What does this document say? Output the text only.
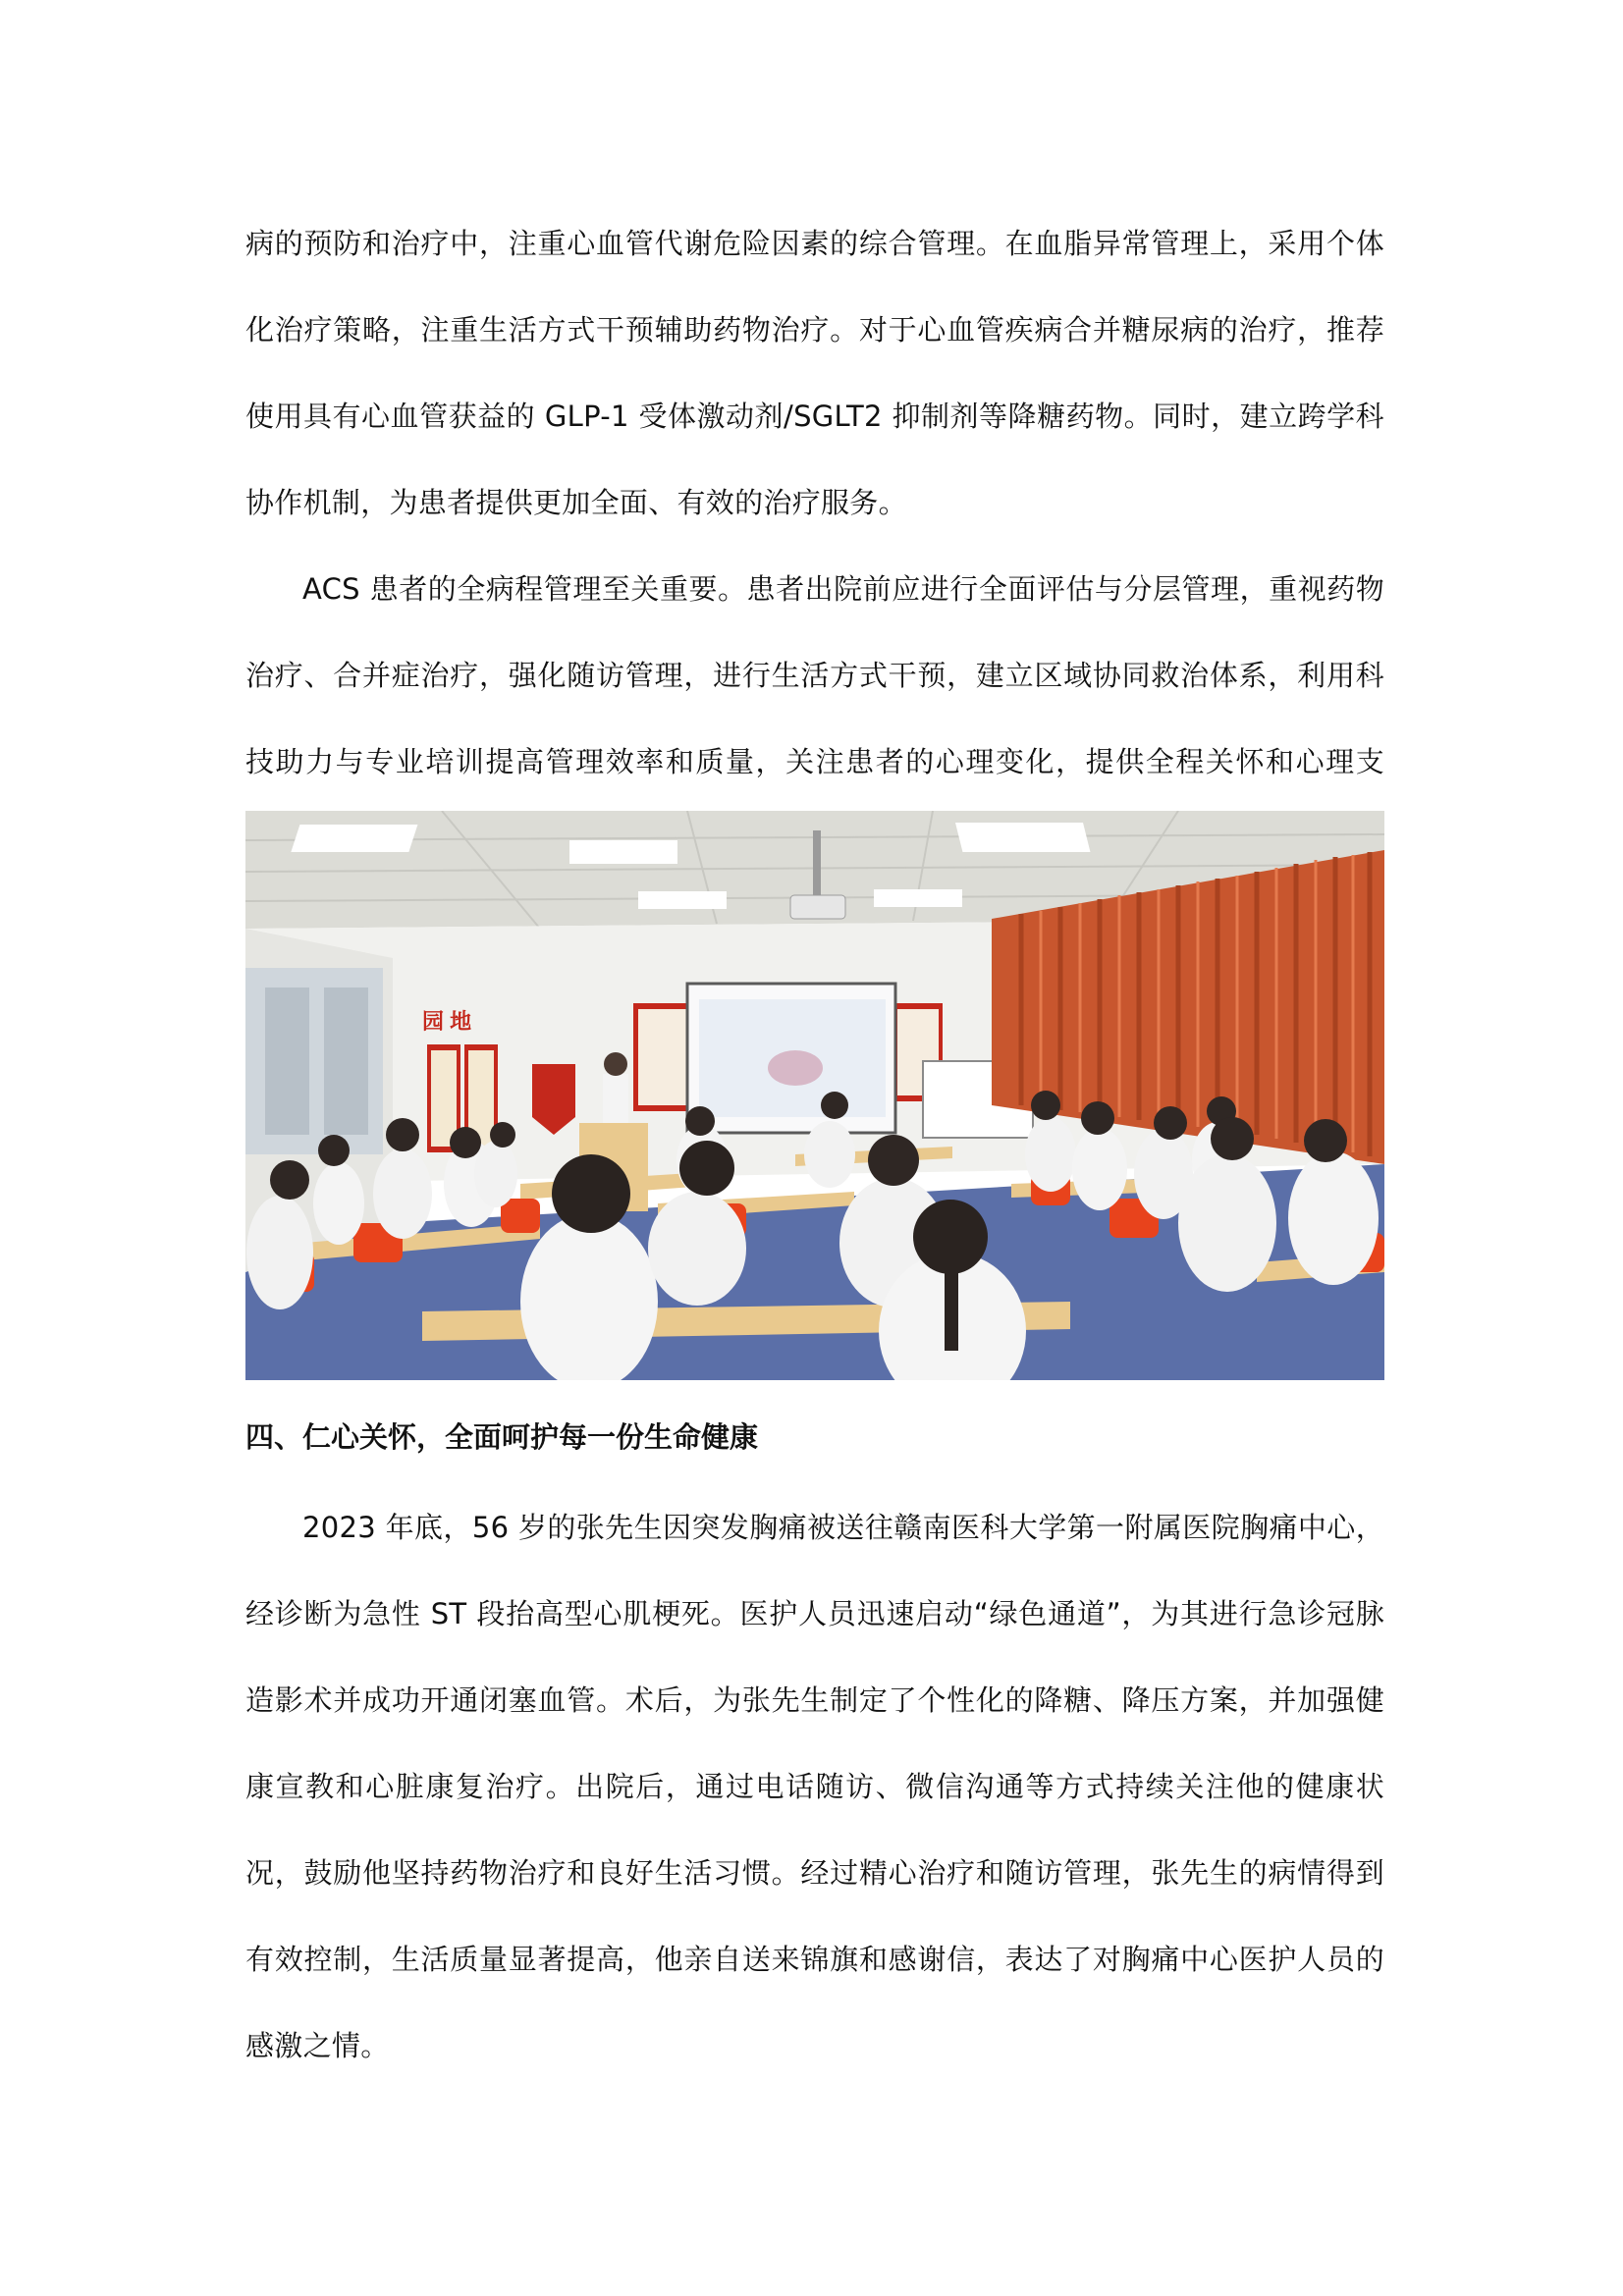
病的预防和治疗中，注重心血管代谢危险因素的综合管理。在血脂异常管理上，采用个体化治疗策略，注重生活方式干预辅助药物治疗。对于心血管疾病合并糖尿病的治疗，推荐使用具有心血管获益的 GLP-1 受体激动剂/SGLT2 抑制剂等降糖药物。同时，建立跨学科协作机制，为患者提供更加全面、有效的治疗服务。

ACS 患者的全病程管理至关重要。患者出院前应进行全面评估与分层管理，重视药物治疗、合并症治疗，强化随访管理，进行生活方式干预，建立区域协同救治体系，利用科技助力与专业培训提高管理效率和质量，关注患者的心理变化，提供全程关怀和心理支

园 地
四、仁心关怀，全面呵护每一份生命健康

2023 年底，56 岁的张先生因突发胸痛被送往赣南医科大学第一附属医院胸痛中心，经诊断为急性 ST 段抬高型心肌梗死。医护人员迅速启动“绿色通道”，为其进行急诊冠脉造影术并成功开通闭塞血管。术后，为张先生制定了个性化的降糖、降压方案，并加强健康宣教和心脏康复治疗。出院后，通过电话随访、微信沟通等方式持续关注他的健康状况，鼓励他坚持药物治疗和良好生活习惯。经过精心治疗和随访管理，张先生的病情得到有效控制，生活质量显著提高，他亲自送来锦旗和感谢信，表达了对胸痛中心医护人员的感激之情。
